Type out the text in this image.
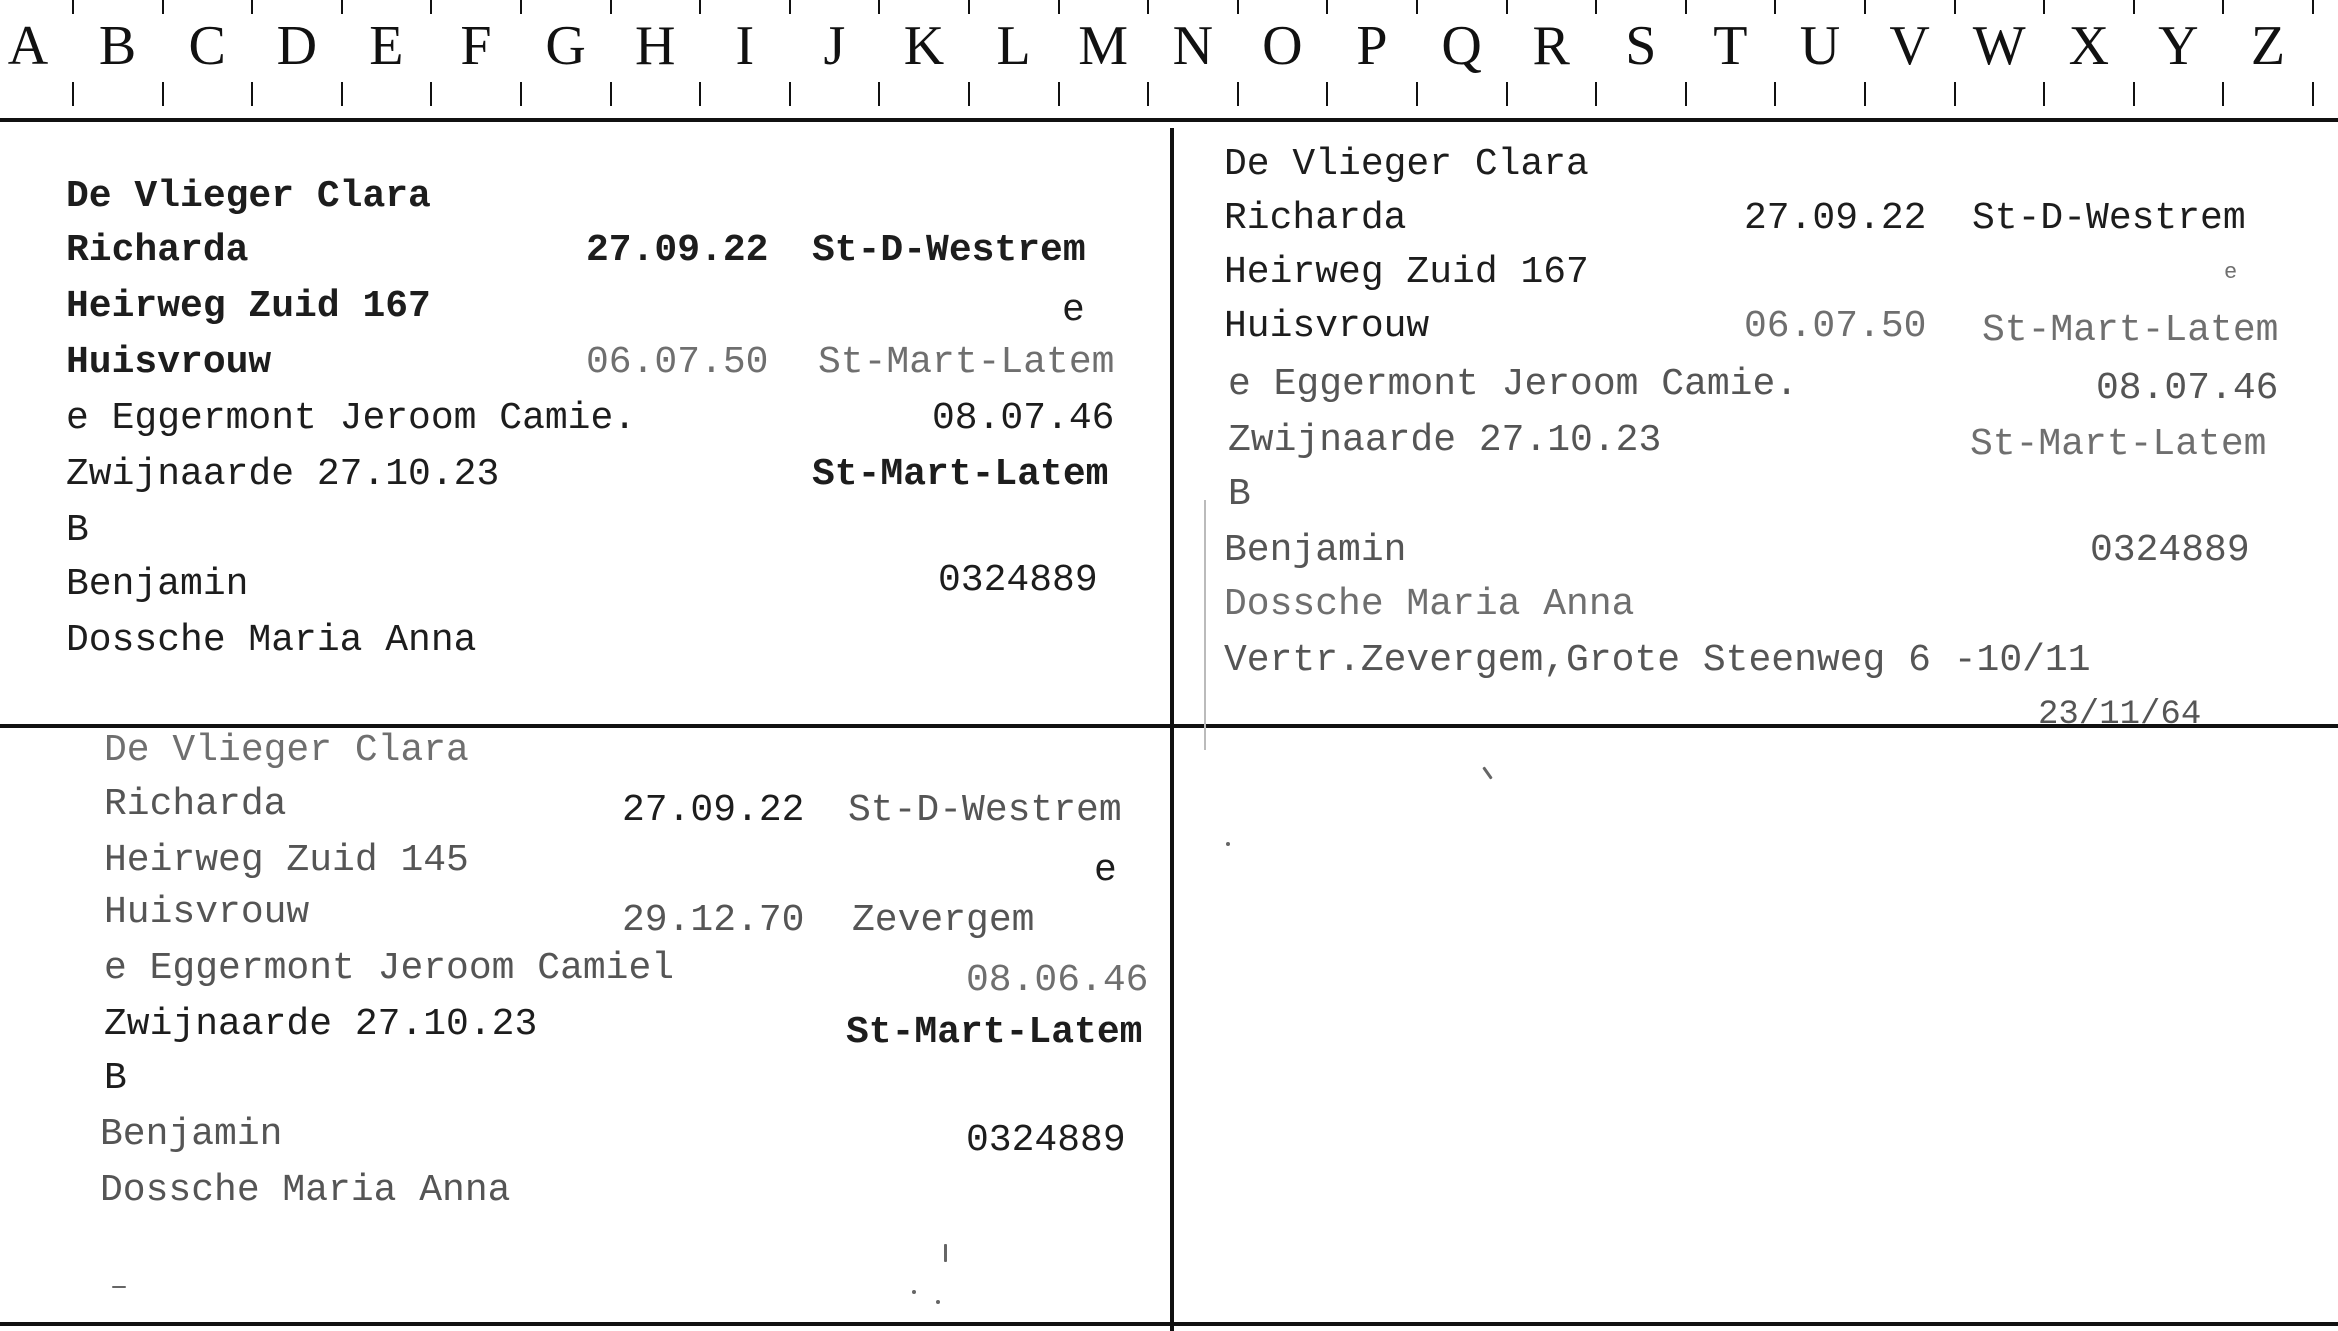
A B C D E	F G H	I	J	K L M N O P Q R S	T U V W X Y Z
De Vlieger Clara
Richarda	27.09.22 St-D-Westrem
Heirweg Zuid 167	e
Huisvrouw	06.07.50 St-Mart-Latem
e Eggermont Jeroom Camie.	08.07.46
Zwijnaarde 27.10.23	St-Mart-Latem
B
Benjamin	0324889
Dossche Maria Anna
De Vlieger Clara
Richarda	27.09.22 St-D-Westrem
Heirweg Zuid 167	e
Huisvrouw	06.07.50 St-Mart-Latem
e Eggermont Jeroom Camie.	08.07.46
Zwijnaarde 27.10.23	St-Mart-Latem
B
Benjamin	0324889
Dossche Maria Anna
Vertr.Zevergem,Grote Steenweg 6 -10/11
23/11/64
De Vlieger Clara
Richarda	27.09.22 St-D-Westrem
Heirweg Zuid 145	e
Huisvrouw	29.12.70 Zevergem
e Eggermont Jeroom Camiel	08.06.46
Zwijnaarde 27.10.23	St-Mart-Latem
B
Benjamin	0324889
Dossche Maria Anna
